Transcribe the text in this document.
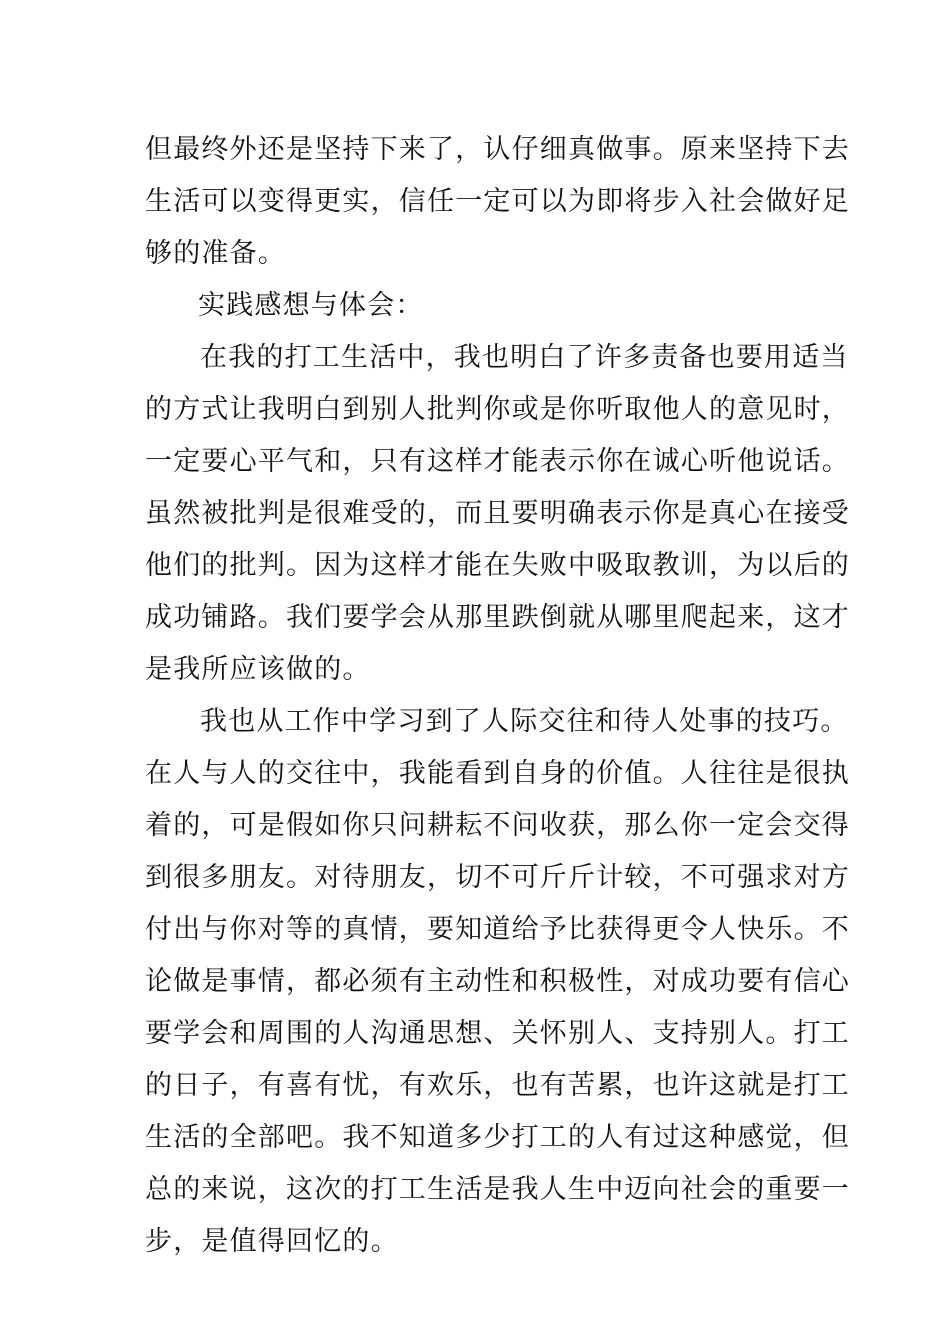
但最终外还是坚持下来了，认仔细真做事。原来坚持下去
生活可以变得更实，信任一定可以为即将步入社会做好足
够的准备。
实践感想与体会：
在我的打工生活中，我也明白了许多责备也要用适当
的方式让我明白到别人批判你或是你听取他人的意见时，
一定要心平气和，只有这样才能表示你在诚心听他说话。
虽然被批判是很难受的，而且要明确表示你是真心在接受
他们的批判。因为这样才能在失败中吸取教训，为以后的
成功铺路。我们要学会从那里跌倒就从哪里爬起来，这才
是我所应该做的。
我也从工作中学习到了人际交往和待人处事的技巧。
在人与人的交往中，我能看到自身的价值。人往往是很执
着的，可是假如你只问耕耘不问收获，那么你一定会交得
到很多朋友。对待朋友，切不可斤斤计较，不可强求对方
付出与你对等的真情，要知道给予比获得更令人快乐。不
论做是事情，都必须有主动性和积极性，对成功要有信心
要学会和周围的人沟通思想、关怀别人、支持别人。打工
的日子，有喜有忧，有欢乐，也有苦累，也许这就是打工
生活的全部吧。我不知道多少打工的人有过这种感觉，但
总的来说，这次的打工生活是我人生中迈向社会的重要一
步，是值得回忆的。
